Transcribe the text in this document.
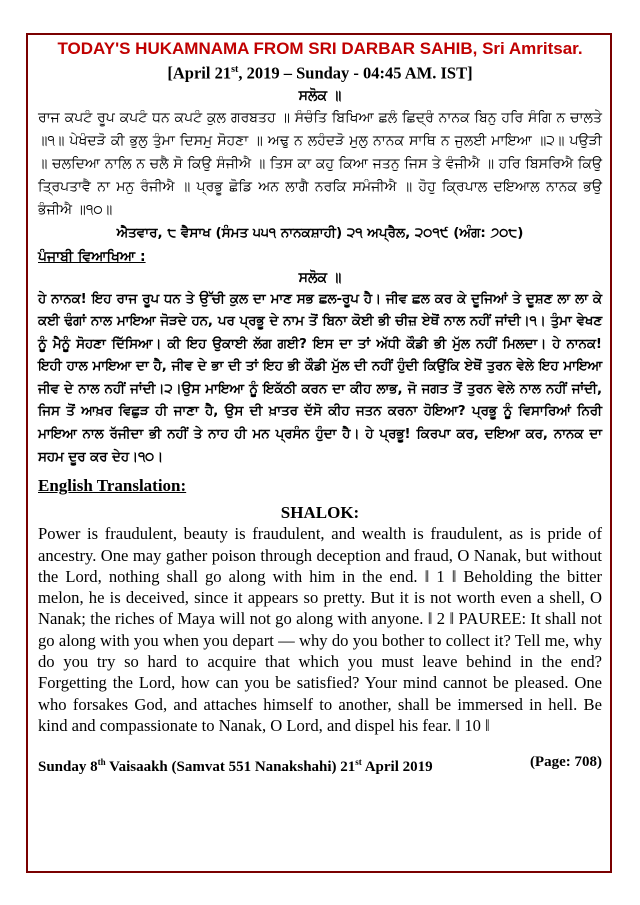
TODAY'S HUKAMNAMA FROM SRI DARBAR SAHIB, Sri Amritsar.

[April 21st, 2019 – Sunday - 04:45 AM. IST]

ਸਲੋਕ ॥

ਰਾਜ ਕਪਟੰ ਰੂਪ ਕਪਟੰ ਧਨ ਕਪਟੰ ਕੁਲ ਗਰਬਤਹ ॥ ਸੰਚੰਤਿ ਬਿਖਿਆ ਛਲੰ ਛਿਦ੍ਰੰ ਨਾਨਕ ਬਿਨੁ ਹਰਿ ਸੰਗਿ ਨ ਚਾਲਤੇ ॥੧॥ ਪੇਖੰਦੜੋ ਕੀ ਭੁਲੁ ਤੁੰਮਾ ਦਿਸਮੁ ਸੋਹਣਾ ॥ ਅਢੁ ਨ ਲਹੰਦੜੋ ਮੁਲੁ ਨਾਨਕ ਸਾਥਿ ਨ ਜੁਲਈ ਮਾਇਆ ॥੨॥ ਪਉੜੀ ॥ ਚਲਦਿਆ ਨਾਲਿ ਨ ਚਲੈ ਸੋ ਕਿਉ ਸੰਜੀਐ ॥ ਤਿਸ ਕਾ ਕਹੁ ਕਿਆ ਜਤਨੁ ਜਿਸ ਤੇ ਵੰਜੀਐ ॥ ਹਰਿ ਬਿਸਰਿਐ ਕਿਉ ਤ੍ਰਿਪਤਾਵੈ ਨਾ ਮਨੁ ਰੰਜੀਐ ॥ ਪ੍ਰਭੂ ਛੋਡਿ ਅਨ ਲਾਗੈ ਨਰਕਿ ਸਮੰਜੀਐ ॥ ਹੋਹੁ ਕ੍ਰਿਪਾਲ ਦਇਆਲ ਨਾਨਕ ਭਉ ਭੰਜੀਐ ॥੧੦॥

ਐਤਵਾਰ, ੮ ਵੈਸਾਖ (ਸੰਮਤ ੫੫੧ ਨਾਨਕਸ਼ਾਹੀ) ੨੧ ਅਪ੍ਰੈਲ, ੨੦੧੯ (ਅੰਗ: ੭੦੮)

ਪੰਜਾਬੀ ਵਿਆਖਿਆ :

ਸਲੋਕ ॥

ਹੇ ਨਾਨਕ! ਇਹ ਰਾਜ ਰੂਪ ਧਨ ਤੇ ਉੱਚੀ ਕੁਲ ਦਾ ਮਾਣ ਸਭ ਛਲ-ਰੂਪ ਹੈ। ਜੀਵ ਛਲ ਕਰ ਕੇ ਦੂਜਿਆਂ ਤੇ ਦੂਸ਼ਣ ਲਾ ਲਾ ਕੇ ਕਈ ਢੰਗਾਂ ਨਾਲ ਮਾਇਆ ਜੋੜਦੇ ਹਨ, ਪਰ ਪ੍ਰਭੂ ਦੇ ਨਾਮ ਤੋਂ ਬਿਨਾ ਕੋਈ ਭੀ ਚੀਜ਼ ਏਥੋਂ ਨਾਲ ਨਹੀਂ ਜਾਂਦੀ।੧। ਤੁੰਮਾ ਵੇਖਣ ਨੂੰ ਮੈਨੂੰ ਸੋਹਣਾ ਦਿੱਸਿਆ। ਕੀ ਇਹ ਉਕਾਈ ਲੱਗ ਗਈ? ਇਸ ਦਾ ਤਾਂ ਅੱਧੀ ਕੌਡੀ ਭੀ ਮੁੱਲ ਨਹੀਂ ਮਿਲਦਾ। ਹੇ ਨਾਨਕ! ਇਹੀ ਹਾਲ ਮਾਇਆ ਦਾ ਹੈ, ਜੀਵ ਦੇ ਭਾ ਦੀ ਤਾਂ ਇਹ ਭੀ ਕੌਡੀ ਮੁੱਲ ਦੀ ਨਹੀਂ ਹੁੰਦੀ ਕਿਉਂਕਿ ਏਥੋਂ ਤੁਰਨ ਵੇਲੇ ਇਹ ਮਾਇਆ ਜੀਵ ਦੇ ਨਾਲ ਨਹੀਂ ਜਾਂਦੀ।੨।ਉਸ ਮਾਇਆ ਨੂੰ ਇਕੱਠੀ ਕਰਨ ਦਾ ਕੀਹ ਲਾਭ, ਜੋ ਜਗਤ ਤੋਂ ਤੁਰਨ ਵੇਲੇ ਨਾਲ ਨਹੀਂ ਜਾਂਦੀ, ਜਿਸ ਤੋਂ ਆਖ਼ਰ ਵਿਛੁੜ ਹੀ ਜਾਣਾ ਹੈ, ਉਸ ਦੀ ਖ਼ਾਤਰ ਦੱਸੋ ਕੀਹ ਜਤਨ ਕਰਨਾ ਹੋਇਆ? ਪ੍ਰਭੂ ਨੂੰ ਵਿਸਾਰਿਆਂ ਨਿਰੀ ਮਾਇਆ ਨਾਲ ਰੱਜੀਦਾ ਭੀ ਨਹੀਂ ਤੇ ਨਾਹ ਹੀ ਮਨ ਪ੍ਰਸੰਨ ਹੁੰਦਾ ਹੈ। ਹੇ ਪ੍ਰਭੂ! ਕਿਰਪਾ ਕਰ, ਦਇਆ ਕਰ, ਨਾਨਕ ਦਾ ਸਹਮ ਦੂਰ ਕਰ ਦੇਹ।੧੦।

English Translation:

SHALOK:

Power is fraudulent, beauty is fraudulent, and wealth is fraudulent, as is pride of ancestry. One may gather poison through deception and fraud, O Nanak, but without the Lord, nothing shall go along with him in the end. ‖ 1 ‖ Beholding the bitter melon, he is deceived, since it appears so pretty. But it is not worth even a shell, O Nanak; the riches of Maya will not go along with anyone. ‖ 2 ‖ PAUREE: It shall not go along with you when you depart — why do you bother to collect it? Tell me, why do you try so hard to acquire that which you must leave behind in the end? Forgetting the Lord, how can you be satisfied? Your mind cannot be pleased. One who forsakes God, and attaches himself to another, shall be immersed in hell. Be kind and compassionate to Nanak, O Lord, and dispel his fear. ‖ 10 ‖

Sunday 8th Vaisaakh (Samvat 551 Nanakshahi) 21st April 2019	(Page: 708)
